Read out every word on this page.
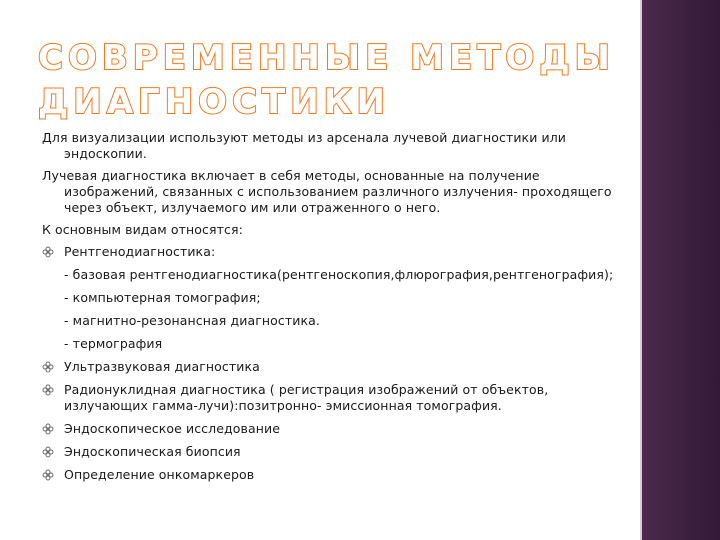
СОВРЕМЕННЫЕ МЕТОДЫ
ДИАГНОСТИКИ

Для визуализации используют методы из арсенала лучевой диагностики или эндоскопии.

Лучевая диагностика включает в себя методы, основанные на получение изображений, связанных с использованием различного излучения- проходящего через объект, излучаемого им или отраженного о него.

К основным видам относятся:

Рентгенодиагностика:
- базовая рентгенодиагностика(рентгеноскопия,флюрография,рентгенография);
- компьютерная томография;
- магнитно-резонансная диагностика.
- термография
Ультразвуковая диагностика
Радионуклидная диагностика ( регистрация изображений от объектов, излучающих гамма-лучи):позитронно- эмиссионная томография.
Эндоскопическое исследование
Эндоскопическая биопсия
Определение онкомаркеров
